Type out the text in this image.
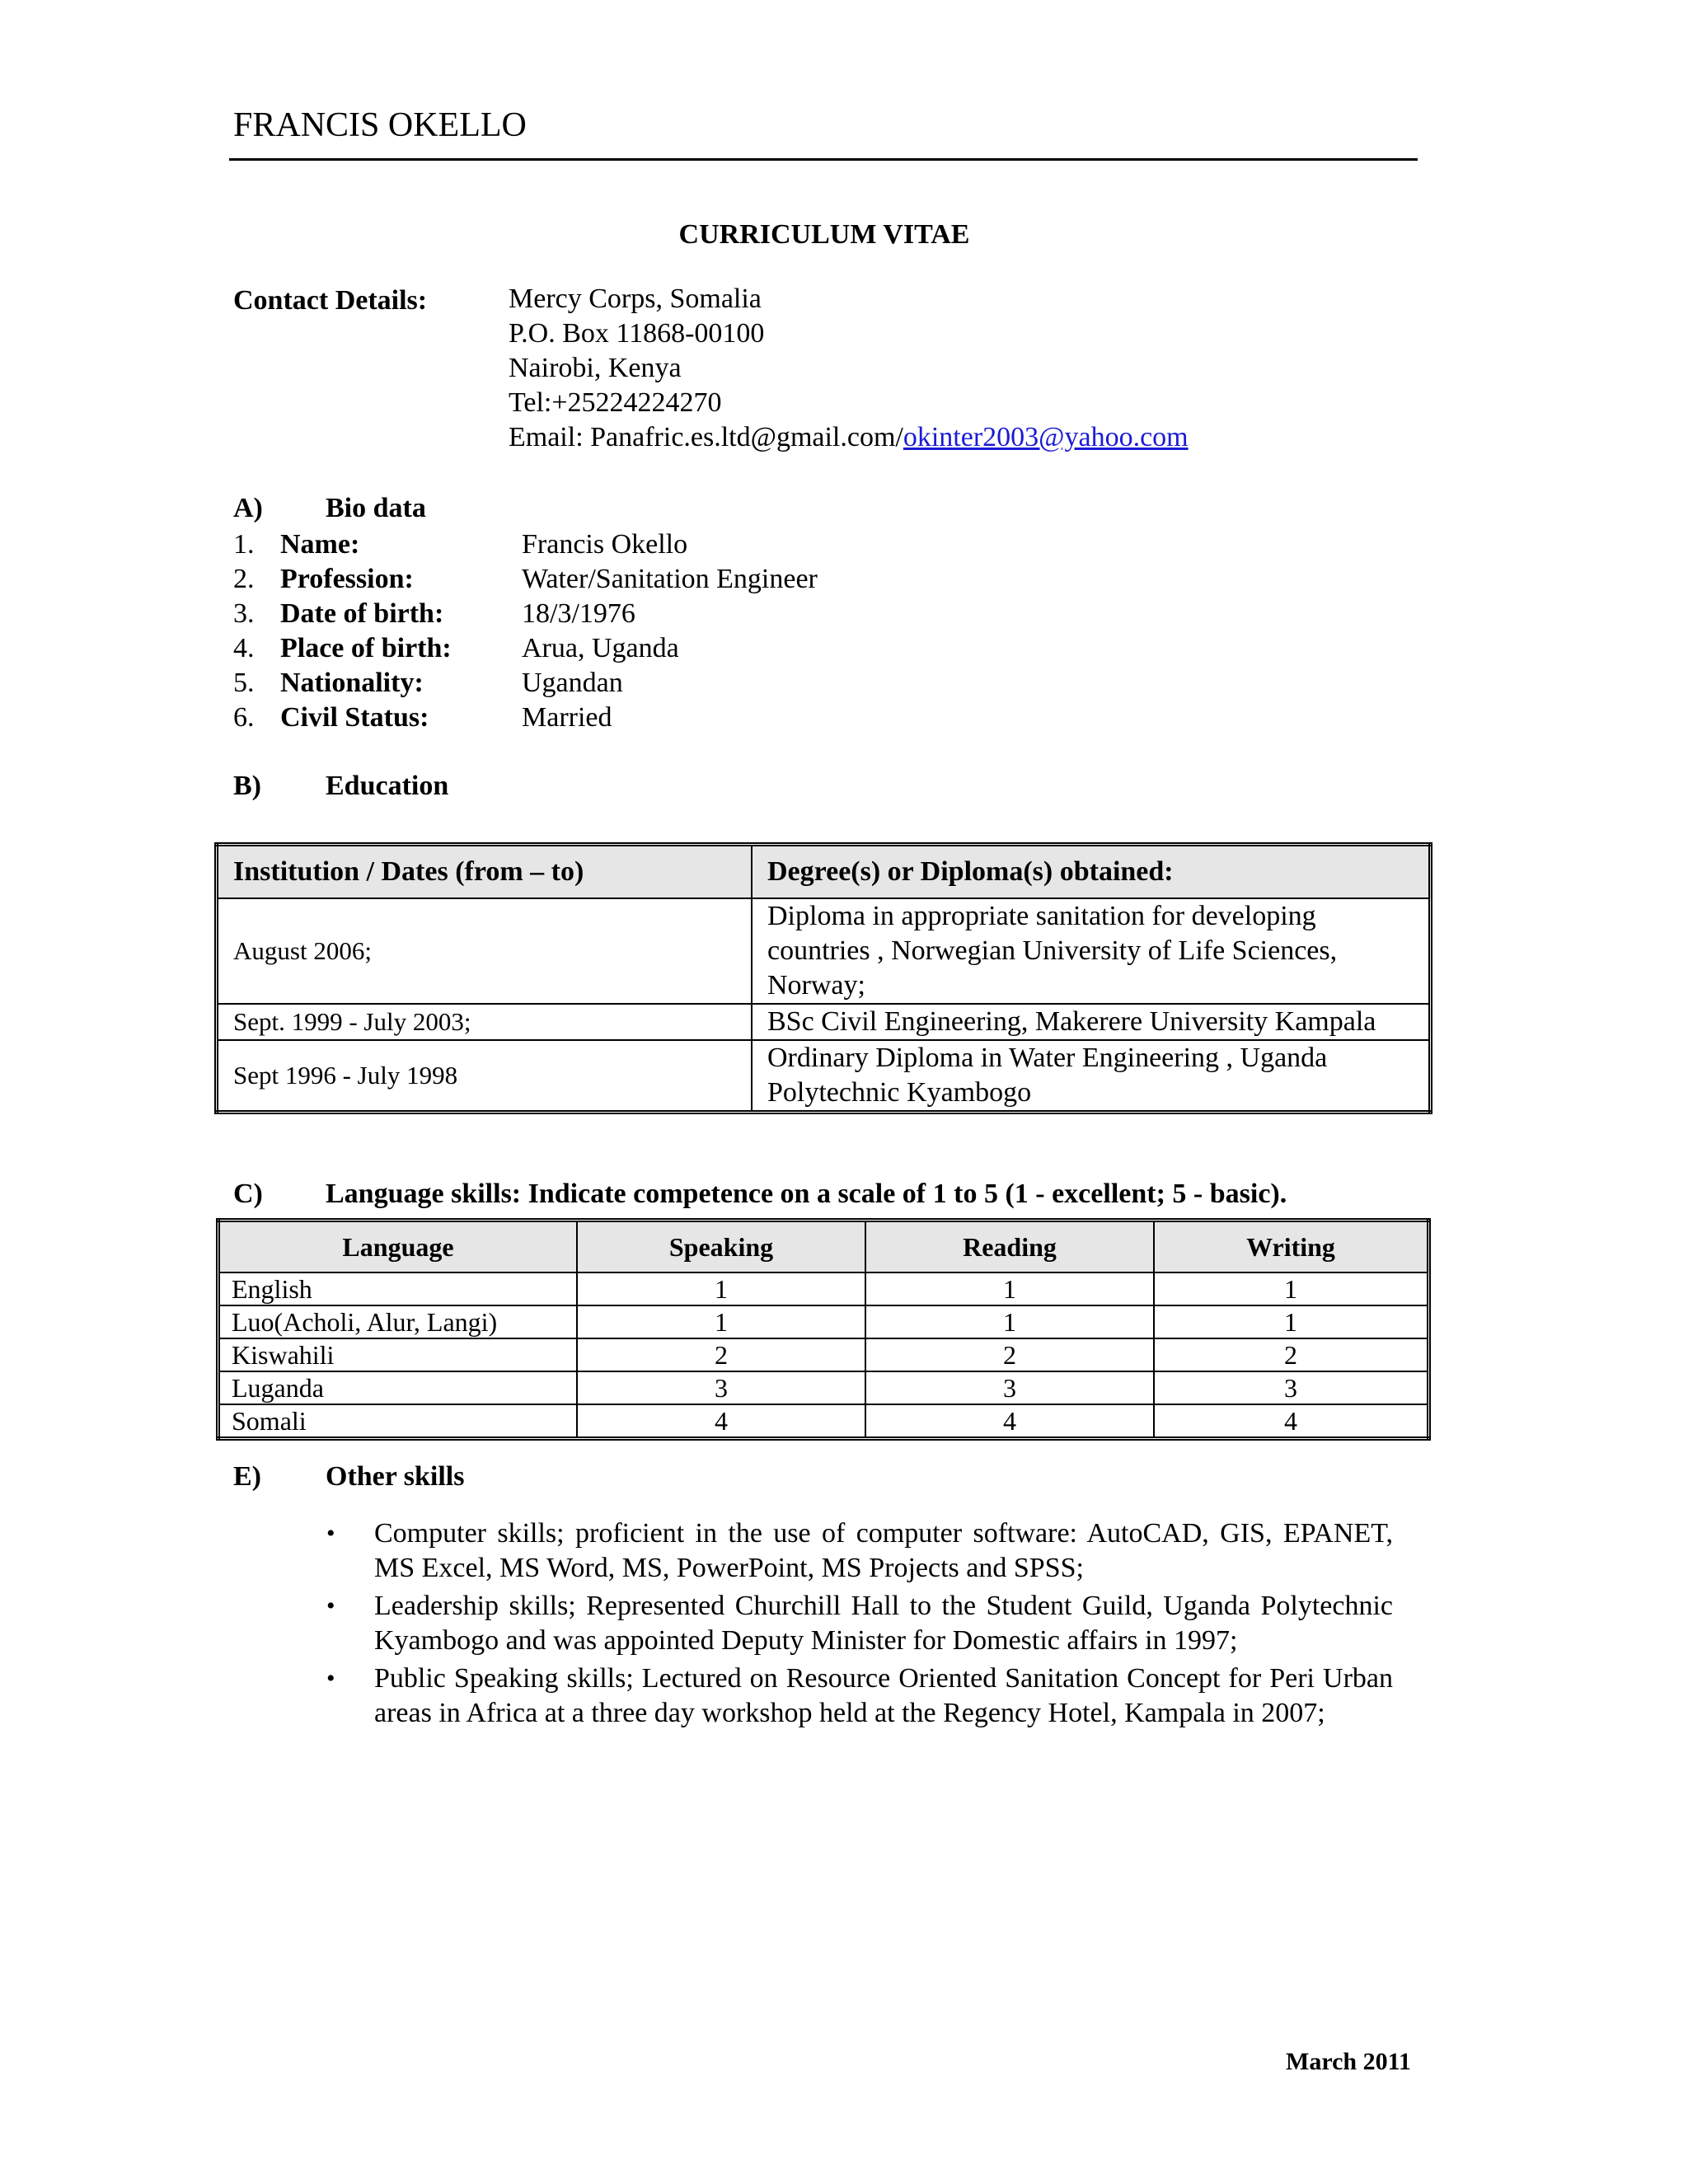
FRANCIS OKELLO
CURRICULUM VITAE
Contact Details:	Mercy Corps, Somalia
P.O. Box 11868-00100
Nairobi, Kenya
Tel:+25224224270
Email: Panafric.es.ltd@gmail.com/okinter2003@yahoo.com
A) Bio data
1. Name:	Francis Okello
2. Profession:	Water/Sanitation Engineer
3. Date of birth:	18/3/1976
4. Place of birth:	Arua, Uganda
5. Nationality:	Ugandan
6. Civil Status:	Married
B) Education
Institution / Dates (from – to)	Degree(s) or Diploma(s) obtained:
August 2006;	Diploma in appropriate sanitation for developing countries , Norwegian University of Life Sciences, Norway;
Sept. 1999 - July 2003;	BSc Civil Engineering, Makerere University Kampala
Sept 1996 - July 1998	Ordinary Diploma in Water Engineering , Uganda Polytechnic Kyambogo
C) Language skills: Indicate competence on a scale of 1 to 5 (1 - excellent; 5 - basic).
Language	Speaking	Reading	Writing
English	1	1	1
Luo(Acholi, Alur, Langi)	1	1	1
Kiswahili	2	2	2
Luganda	3	3	3
Somali	4	4	4
E) Other skills
• Computer skills; proficient in the use of computer software: AutoCAD, GIS, EPANET, MS Excel, MS Word, MS, PowerPoint, MS Projects and SPSS;
• Leadership skills; Represented Churchill Hall to the Student Guild, Uganda Polytechnic Kyambogo and was appointed Deputy Minister for Domestic affairs in 1997;
• Public Speaking skills; Lectured on Resource Oriented Sanitation Concept for Peri Urban areas in Africa at a three day workshop held at the Regency Hotel, Kampala in 2007;
March 2011
